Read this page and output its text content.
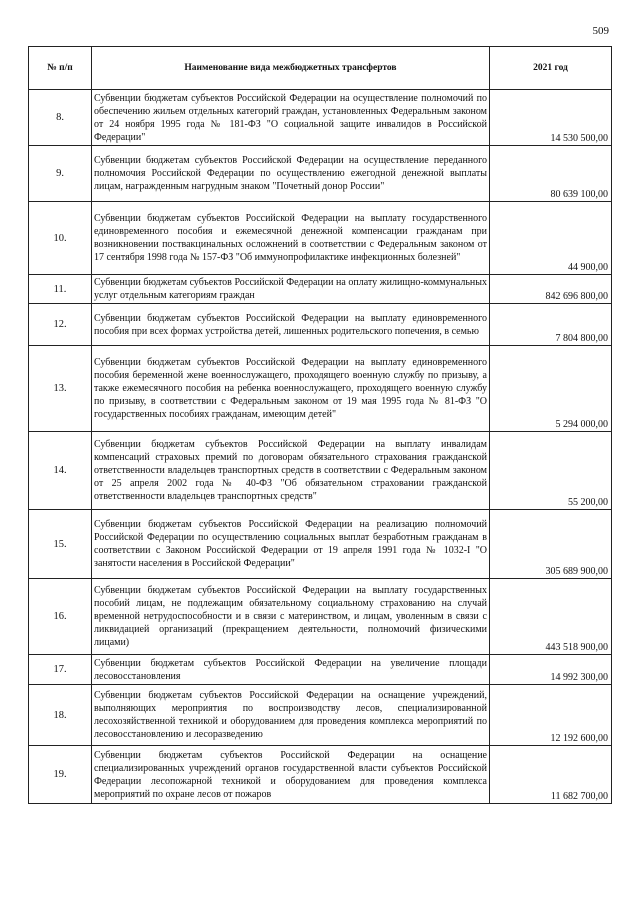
509
№ п/п	Наименование вида межбюджетных трансфертов	2021 год
8.	Субвенции бюджетам субъектов Российской Федерации на осуществление полномочий по обеспечению жильем отдельных категорий граждан, установленных Федеральным законом от 24 ноября 1995 года № 181-ФЗ "О социальной защите инвалидов в Российской Федерации"	14 530 500,00
9.	Субвенции бюджетам субъектов Российской Федерации на осуществление переданного полномочия Российской Федерации по осуществлению ежегодной денежной выплаты лицам, награжденным нагрудным знаком "Почетный донор России"	80 639 100,00
10.	Субвенции бюджетам субъектов Российской Федерации на выплату государственного единовременного пособия и ежемесячной денежной компенсации гражданам при возникновении поствакцинальных осложнений в соответствии с Федеральным законом от 17 сентября 1998 года № 157-ФЗ "Об иммунопрофилактике инфекционных болезней"	44 900,00
11.	Субвенции бюджетам субъектов Российской Федерации на оплату жилищно-коммунальных услуг отдельным категориям граждан	842 696 800,00
12.	Субвенции бюджетам субъектов Российской Федерации на выплату единовременного пособия при всех формах устройства детей, лишенных родительского попечения, в семью	7 804 800,00
13.	Субвенции бюджетам субъектов Российской Федерации на выплату единовременного пособия беременной жене военнослужащего, проходящего военную службу по призыву, а также ежемесячного пособия на ребенка военнослужащего, проходящего военную службу по призыву, в соответствии с Федеральным законом от 19 мая 1995 года № 81-ФЗ "О государственных пособиях гражданам, имеющим детей"	5 294 000,00
14.	Субвенции бюджетам субъектов Российской Федерации на выплату инвалидам компенсаций страховых премий по договорам обязательного страхования гражданской ответственности владельцев транспортных средств в соответствии с Федеральным законом от 25 апреля 2002 года № 40-ФЗ "Об обязательном страховании гражданской ответственности владельцев транспортных средств"	55 200,00
15.	Субвенции бюджетам субъектов Российской Федерации на реализацию полномочий Российской Федерации по осуществлению социальных выплат безработным гражданам в соответствии с Законом Российской Федерации от 19 апреля 1991 года № 1032-I "О занятости населения в Российской Федерации"	305 689 900,00
16.	Субвенции бюджетам субъектов Российской Федерации на выплату государственных пособий лицам, не подлежащим обязательному социальному страхованию на случай временной нетрудоспособности и в связи с материнством, и лицам, уволенным в связи с ликвидацией организаций (прекращением деятельности, полномочий физическими лицами)	443 518 900,00
17.	Субвенции бюджетам субъектов Российской Федерации на увеличение площади лесовосстановления	14 992 300,00
18.	Субвенции бюджетам субъектов Российской Федерации на оснащение учреждений, выполняющих мероприятия по воспроизводству лесов, специализированной лесохозяйственной техникой и оборудованием для проведения комплекса мероприятий по лесовосстановлению и лесоразведению	12 192 600,00
19.	Субвенции бюджетам субъектов Российской Федерации на оснащение специализированных учреждений органов государственной власти субъектов Российской Федерации лесопожарной техникой и оборудованием для проведения комплекса мероприятий по охране лесов от пожаров	11 682 700,00
